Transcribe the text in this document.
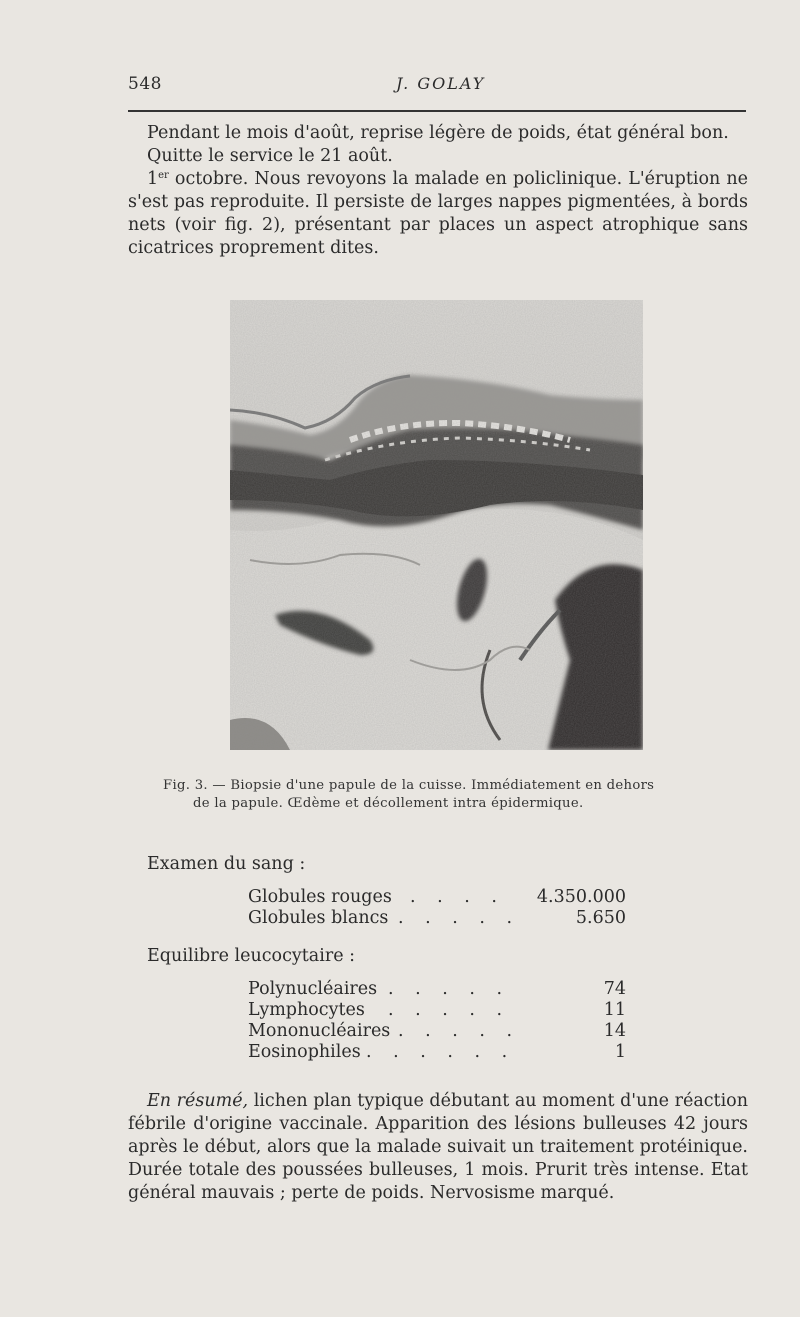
548	J. GOLAY
Pendant le mois d'août, reprise légère de poids, état général bon.
Quitte le service le 21 août.
1er octobre. Nous revoyons la malade en policlinique. L'éruption ne s'est pas reproduite. Il persiste de larges nappes pigmentées, à bords nets (voir fig. 2), présentant par places un aspect atrophique sans cicatrices proprement dites.
Fig. 3. — Biopsie d'une papule de la cuisse. Immédiatement en dehors
de la papule. Œdème et décollement intra épidermique.
Examen du sang :
Globules rouges . . . .	4.350.000
Globules blancs . . . . .	5.650
Equilibre leucocytaire :
Polynucléaires . . . . .	74
Lymphocytes . . . . .	11
Mononucléaires . . . . .	14
Eosinophiles . . . . . .	1
En résumé, lichen plan typique débutant au moment d'une réaction fébrile d'origine vaccinale. Apparition des lésions bulleuses 42 jours après le début, alors que la malade suivait un traitement protéinique. Durée totale des poussées bulleuses, 1 mois. Prurit très intense. Etat général mauvais ; perte de poids. Nervosisme marqué.
